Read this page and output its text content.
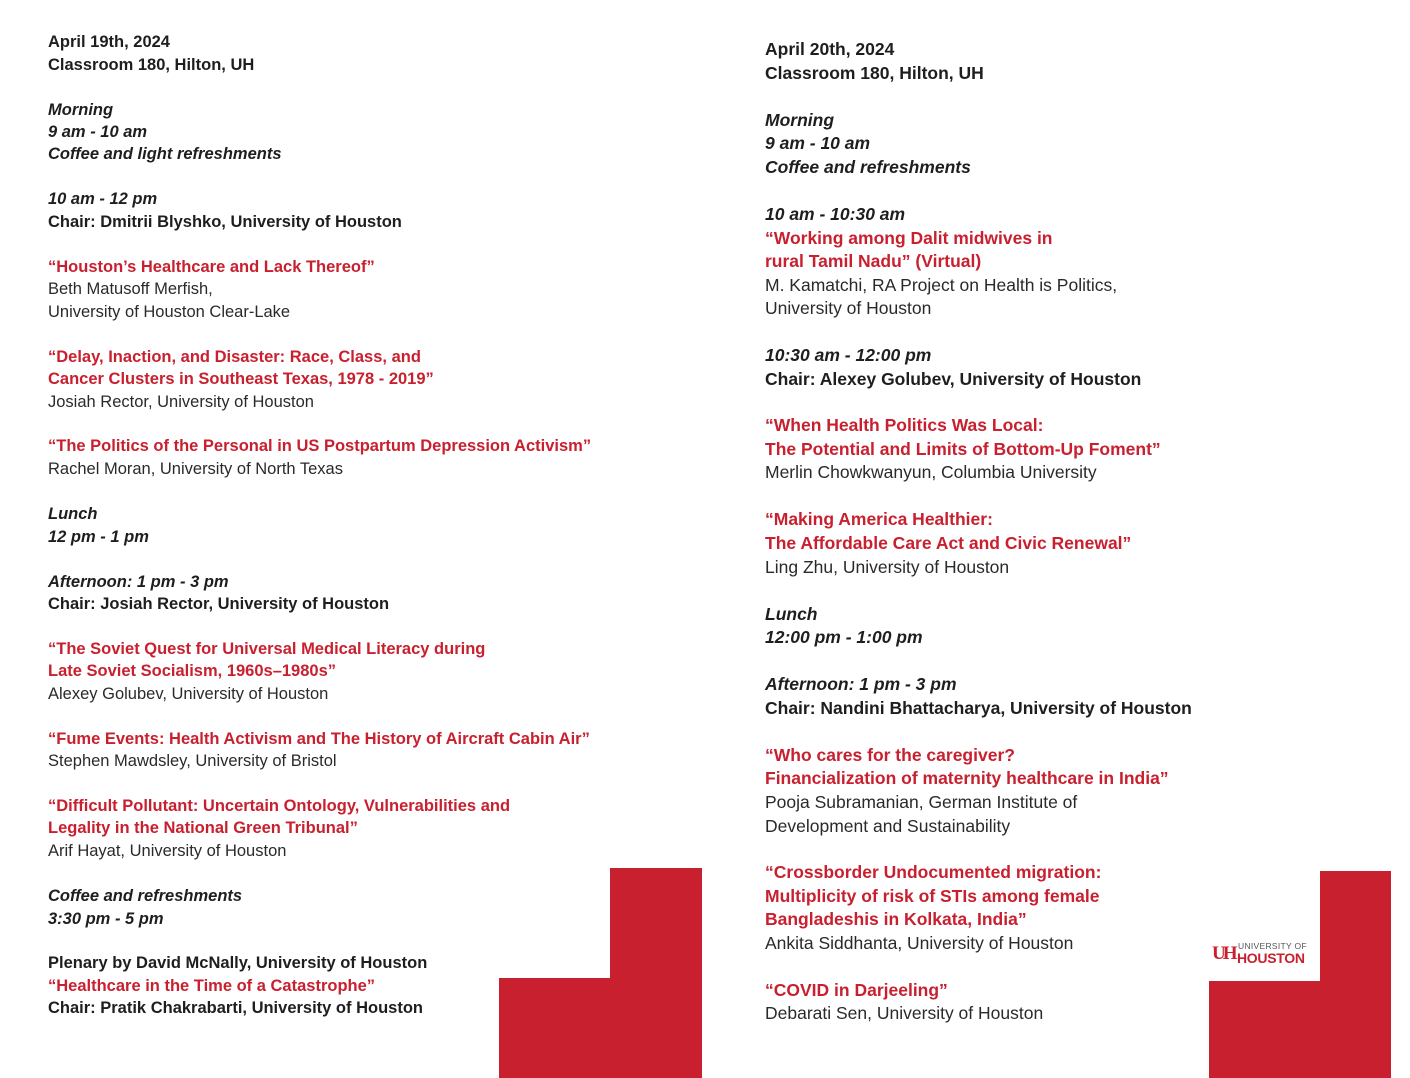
April 19th, 2024
Classroom 180, Hilton, UH
Morning
9 am - 10 am
Coffee and light refreshments
10 am - 12 pm
Chair: Dmitrii Blyshko, University of Houston
“Houston’s Healthcare and Lack Thereof”
Beth Matusoff Merfish,
University of Houston Clear-Lake
“Delay, Inaction, and Disaster: Race, Class, and
Cancer Clusters in Southeast Texas, 1978 - 2019”
Josiah Rector, University of Houston
“The Politics of the Personal in US Postpartum Depression Activism”
Rachel Moran, University of North Texas
Lunch
12 pm - 1 pm
Afternoon: 1 pm - 3 pm
Chair: Josiah Rector, University of Houston
“The Soviet Quest for Universal Medical Literacy during
Late Soviet Socialism, 1960s–1980s”
Alexey Golubev, University of Houston
“Fume Events: Health Activism and The History of Aircraft Cabin Air”
Stephen Mawdsley, University of Bristol
“Difficult Pollutant: Uncertain Ontology, Vulnerabilities and
Legality in the National Green Tribunal”
Arif Hayat, University of Houston
Coffee and refreshments
3:30 pm - 5 pm
Plenary by David McNally, University of Houston
“Healthcare in the Time of a Catastrophe”
Chair: Pratik Chakrabarti, University of Houston
April 20th, 2024
Classroom 180, Hilton, UH
Morning
9 am - 10 am
Coffee and refreshments
10 am - 10:30 am
“Working among Dalit midwives in
rural Tamil Nadu” (Virtual)
M. Kamatchi, RA Project on Health is Politics,
University of Houston
10:30 am - 12:00 pm
Chair: Alexey Golubev, University of Houston
“When Health Politics Was Local:
The Potential and Limits of Bottom-Up Foment”
Merlin Chowkwanyun, Columbia University
“Making America Healthier:
The Affordable Care Act and Civic Renewal”
Ling Zhu, University of Houston
Lunch
12:00 pm - 1:00 pm
Afternoon: 1 pm - 3 pm
Chair: Nandini Bhattacharya, University of Houston
“Who cares for the caregiver?
Financialization of maternity healthcare in India”
Pooja Subramanian, German Institute of
Development and Sustainability
“Crossborder Undocumented migration:
Multiplicity of risk of STIs among female
Bangladeshis in Kolkata, India”
Ankita Siddhanta, University of Houston
“COVID in Darjeeling”
Debarati Sen, University of Houston
UH UNIVERSITY OF
HOUSTON
